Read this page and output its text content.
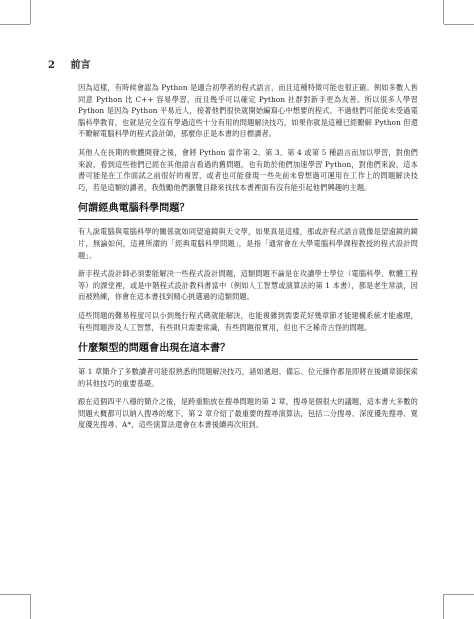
2 前言

因為這樣，有時候會認為 Python 是適合初學者的程式語言，而且這種特徵可能也很正確。例如多數人皆同意 Python 比 C++ 容易學習，而且幾乎可以確定 Python 社群對新手更為友善。所以很多人學習 Python 是因為 Python 平易近人，接著他們很快就開始編寫心中想要的程式。不過他們可能從未受過電腦科學教育，也就是完全沒有學過這些十分有用的問題解決技巧，如果你就是這種已經瞭解 Python 但還不瞭解電腦科學的程式設計師，那麼你正是本書的目標讀者。

其他人在長期的軟體開發之後，會將 Python 當作第 2、第 3、第 4 或第 5 種語言而加以學習，對他們來說，看到這些他們已經在其他語言看過的舊問題，也有助於他們加速學習 Python，對他們來說，這本書可能是在工作面試之前很好的複習，或者也可能發現一些先前未曾想過可運用在工作上的問題解決技巧，若是這類的讀者，我鼓勵他們瀏覽目錄來找找本書裡面有沒有能引起他們興趣的主題。

何謂經典電腦科學問題？

有人說電腦與電腦科學的關係就如同望遠鏡與天文學，如果真是這樣，那或許程式語言就像是望遠鏡的鏡片，無論如何，這裡所謂的「經典電腦科學問題」，是指「通常會在大學電腦科學課程教授的程式設計問題」。

新手程式設計師必須要能解決一些程式設計問題，這類問題不論是在攻讀學士學位（電腦科學、軟體工程等）的課堂裡，或是中階程式設計教科書當中（例如人工智慧或演算法的第 1 本書），都是老生常談，因而被熟練，你會在這本書找到精心挑選過的這類問題。

這些問題的難易程度可以小到幾行程式碼就能解決，也能複雜到需要花好幾章節才能建構系統才能處理，有些問題涉及人工智慧，有些則只需要常識，有些問題很實用，但也不乏稀奇古怪的問題。

什麼類型的問題會出現在這本書？

第 1 章簡介了多數讀者可能很熟悉的問題解決技巧，諸如遞迴、備忘、位元操作都是即將在後續章節探索的其他技巧的重要基礎。

跟在這個四平八穩的簡介之後，是跨重點放在搜尋問題的第 2 章，搜尋是個很大的議題，這本書大多數的問題大概都可以納入搜尋的麾下，第 2 章介紹了最重要的搜尋演算法，包括二分搜尋、深度優先搜尋、寬度優先搜尋、A*，這些演算法還會在本書後續再次用到。
